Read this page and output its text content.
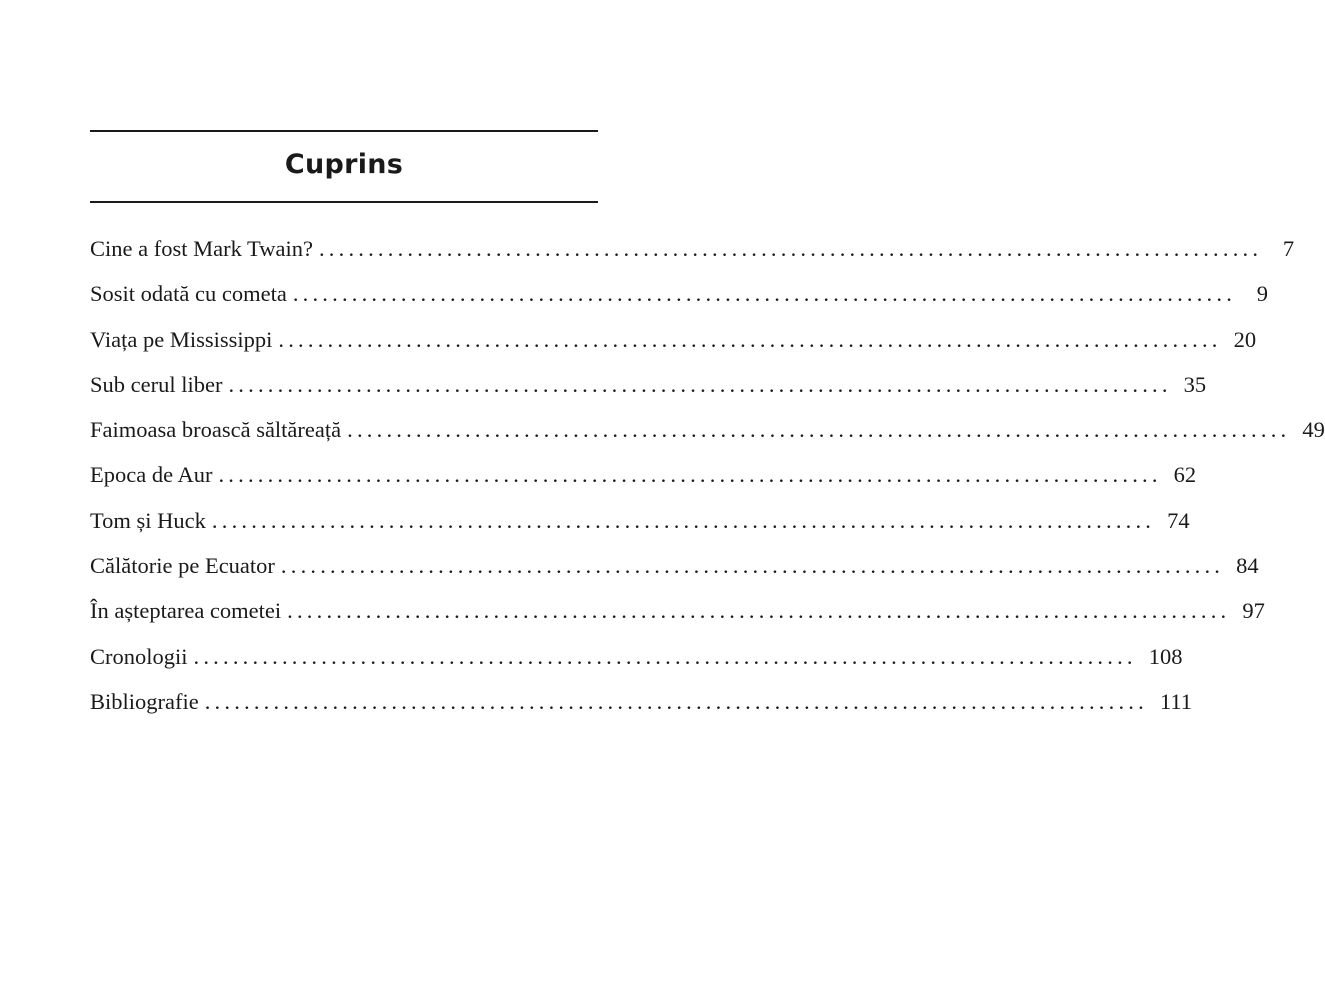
Cuprins
Cine a fost Mark Twain? ................................................................................................ 7
Sosit odată cu cometa ................................................................................................ 9
Viața pe Mississippi ................................................................................................ 20
Sub cerul liber ................................................................................................ 35
Faimoasa broască săltăreață ................................................................................................ 49
Epoca de Aur ................................................................................................ 62
Tom și Huck ................................................................................................ 74
Călătorie pe Ecuator ................................................................................................ 84
În așteptarea cometei ................................................................................................ 97
Cronologii ................................................................................................ 108
Bibliografie ................................................................................................ 111
